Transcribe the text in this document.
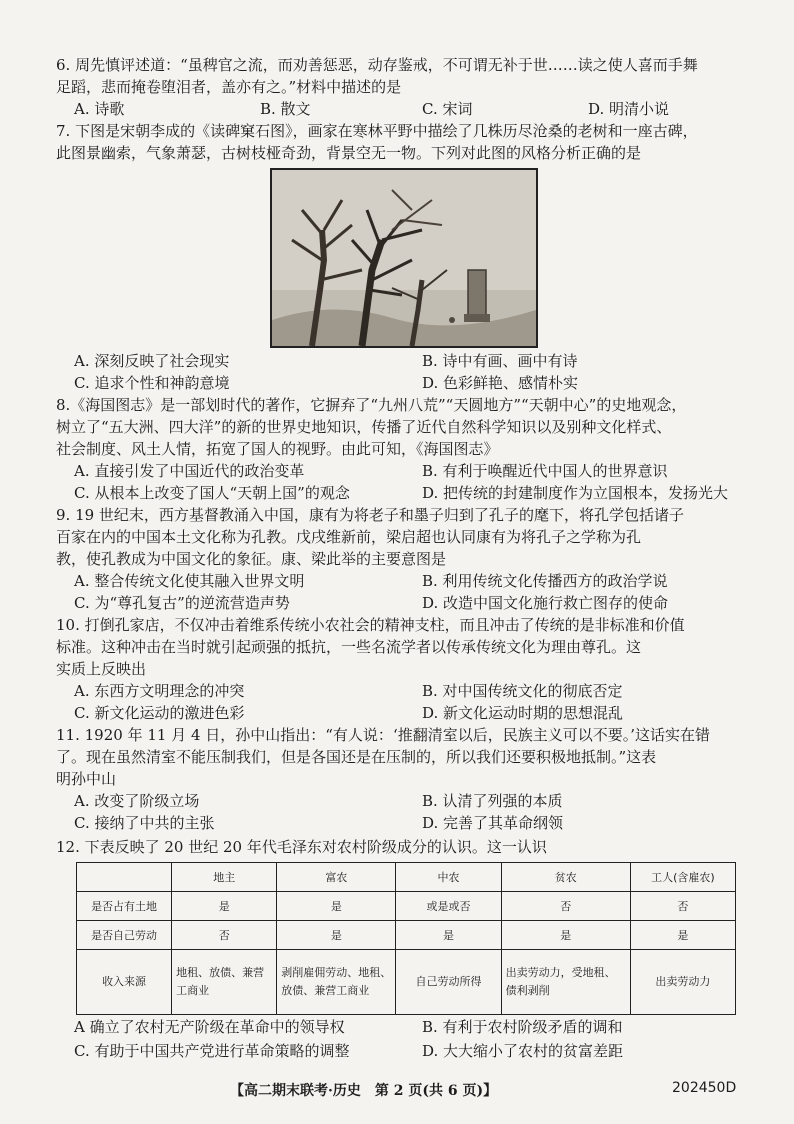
6. 周先慎评述道：“虽稗官之流，而劝善惩恶，动存鉴戒，不可谓无补于世……读之使人喜而手舞
足蹈，悲而掩卷堕泪者，盖亦有之。”材料中描述的是
A. 诗歌	B. 散文	C. 宋词	D. 明清小说
7. 下图是宋朝李成的《读碑窠石图》，画家在寒林平野中描绘了几株历尽沧桑的老树和一座古碑，
此图景幽索，气象萧瑟，古树枝桠奇劲，背景空无一物。下列对此图的风格分析正确的是
A. 深刻反映了社会现实	B. 诗中有画、画中有诗
C. 追求个性和神韵意境	D. 色彩鲜艳、感情朴实
8.《海国图志》是一部划时代的著作，它摒弃了“九州八荒”“天圆地方”“天朝中心”的史地观念，
树立了“五大洲、四大洋”的新的世界史地知识，传播了近代自然科学知识以及别种文化样式、
社会制度、风土人情，拓宽了国人的视野。由此可知，《海国图志》
A. 直接引发了中国近代的政治变革	B. 有利于唤醒近代中国人的世界意识
C. 从根本上改变了国人“天朝上国”的观念	D. 把传统的封建制度作为立国根本，发扬光大
9. 19 世纪末，西方基督教涌入中国，康有为将老子和墨子归到了孔子的麾下，将孔学包括诸子
百家在内的中国本土文化称为孔教。戊戌维新前，梁启超也认同康有为将孔子之学称为孔
教，使孔教成为中国文化的象征。康、梁此举的主要意图是
A. 整合传统文化使其融入世界文明	B. 利用传统文化传播西方的政治学说
C. 为“尊孔复古”的逆流营造声势	D. 改造中国文化施行救亡图存的使命
10. 打倒孔家店，不仅冲击着维系传统小农社会的精神支柱，而且冲击了传统的是非标准和价值
标准。这种冲击在当时就引起顽强的抵抗，一些名流学者以传承传统文化为理由尊孔。这
实质上反映出
A. 东西方文明理念的冲突	B. 对中国传统文化的彻底否定
C. 新文化运动的激进色彩	D. 新文化运动时期的思想混乱
11. 1920 年 11 月 4 日，孙中山指出：“有人说：‘推翻清室以后，民族主义可以不要。’这话实在错
了。现在虽然清室不能压制我们，但是各国还是在压制的，所以我们还要积极地抵制。”这表
明孙中山
A. 改变了阶级立场	B. 认清了列强的本质
C. 接纳了中共的主张	D. 完善了其革命纲领
12. 下表反映了 20 世纪 20 年代毛泽东对农村阶级成分的认识。这一认识
	地主	富农	中农	贫农	工人(含雇农)
是否占有土地	是	是	或是或否	否	否
是否自己劳动	否	是	是	是	是
收入来源	地租、放债、兼营工商业	剥削雇佣劳动、地租、放债、兼营工商业	自己劳动所得	出卖劳动力，受地租、债利剥削	出卖劳动力
A 确立了农村无产阶级在革命中的领导权	B. 有利于农村阶级矛盾的调和
C. 有助于中国共产党进行革命策略的调整	D. 大大缩小了农村的贫富差距
【高二期末联考·历史　第 2 页(共 6 页)】	202450D
